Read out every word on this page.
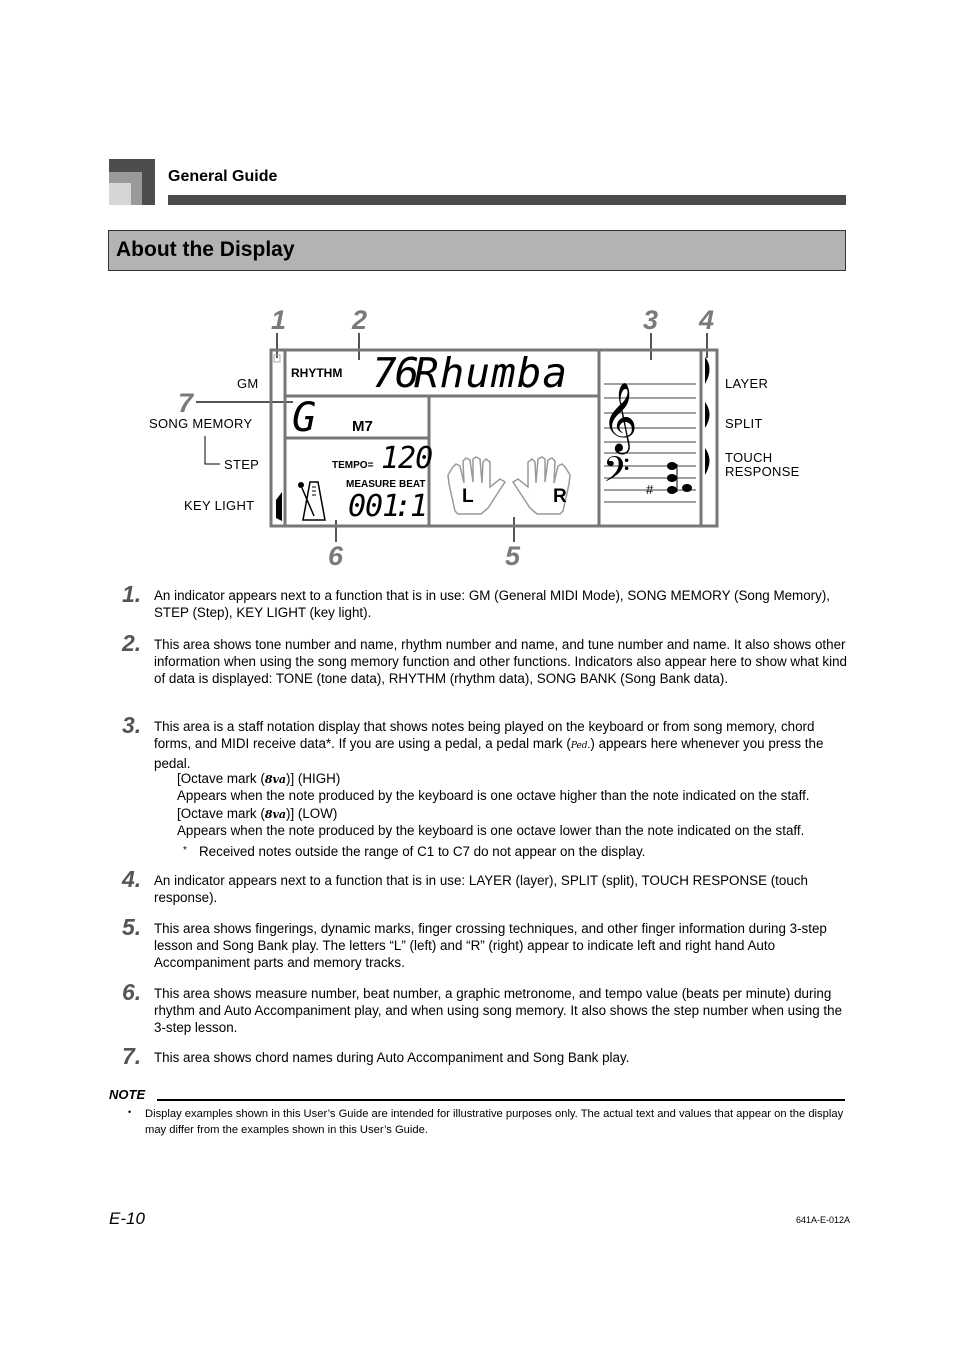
General Guide
About the Display
1 2	3 4
5
6
7
GM
SONG MEMORY
STEP
KEY LIGHT
LAYER
SPLIT
TOUCH
RESPONSE
𝄞
𝄢
RHYTHM 76
Rhumba
G M7
TEMPO= 120
MEASURE BEAT
001
:
1 L	R	#
1. An indicator appears next to a function that is in use: GM (General MIDI Mode), SONG MEMORY (Song Memory), STEP (Step), KEY LIGHT (key light).
2. This area shows tone number and name, rhythm number and name, and tune number and name. It also shows other information when using the song memory function and other functions. Indicators also appear here to show what kind of data is displayed: TONE (tone data), RHYTHM (rhythm data), SONG BANK (Song Bank data).
3. This area is a staff notation display that shows notes being played on the keyboard or from song memory, chord forms, and MIDI receive data*. If you are using a pedal, a pedal mark (Ped.) appears here whenever you press the pedal.
[Octave mark (8va)] (HIGH)
Appears when the note produced by the keyboard is one octave higher than the note indicated on the staff.
[Octave mark (8va)] (LOW)
Appears when the note produced by the keyboard is one octave lower than the note indicated on the staff.
* Received notes outside the range of C1 to C7 do not appear on the display.
4. An indicator appears next to a function that is in use: LAYER (layer), SPLIT (split), TOUCH RESPONSE (touch response).
5. This area shows fingerings, dynamic marks, finger crossing techniques, and other finger information during 3-step lesson and Song Bank play. The letters “L” (left) and “R” (right) appear to indicate left and right hand Auto Accompaniment parts and memory tracks.
6. This area shows measure number, beat number, a graphic metronome, and tempo value (beats per minute) during rhythm and Auto Accompaniment play, and when using song memory. It also shows the step number when using the 3-step lesson.
7. This area shows chord names during Auto Accompaniment and Song Bank play.
NOTE
• Display examples shown in this User’s Guide are intended for illustrative purposes only. The actual text and values that appear on the display may differ from the examples shown in this User’s Guide.
E-10	641A-E-012A
